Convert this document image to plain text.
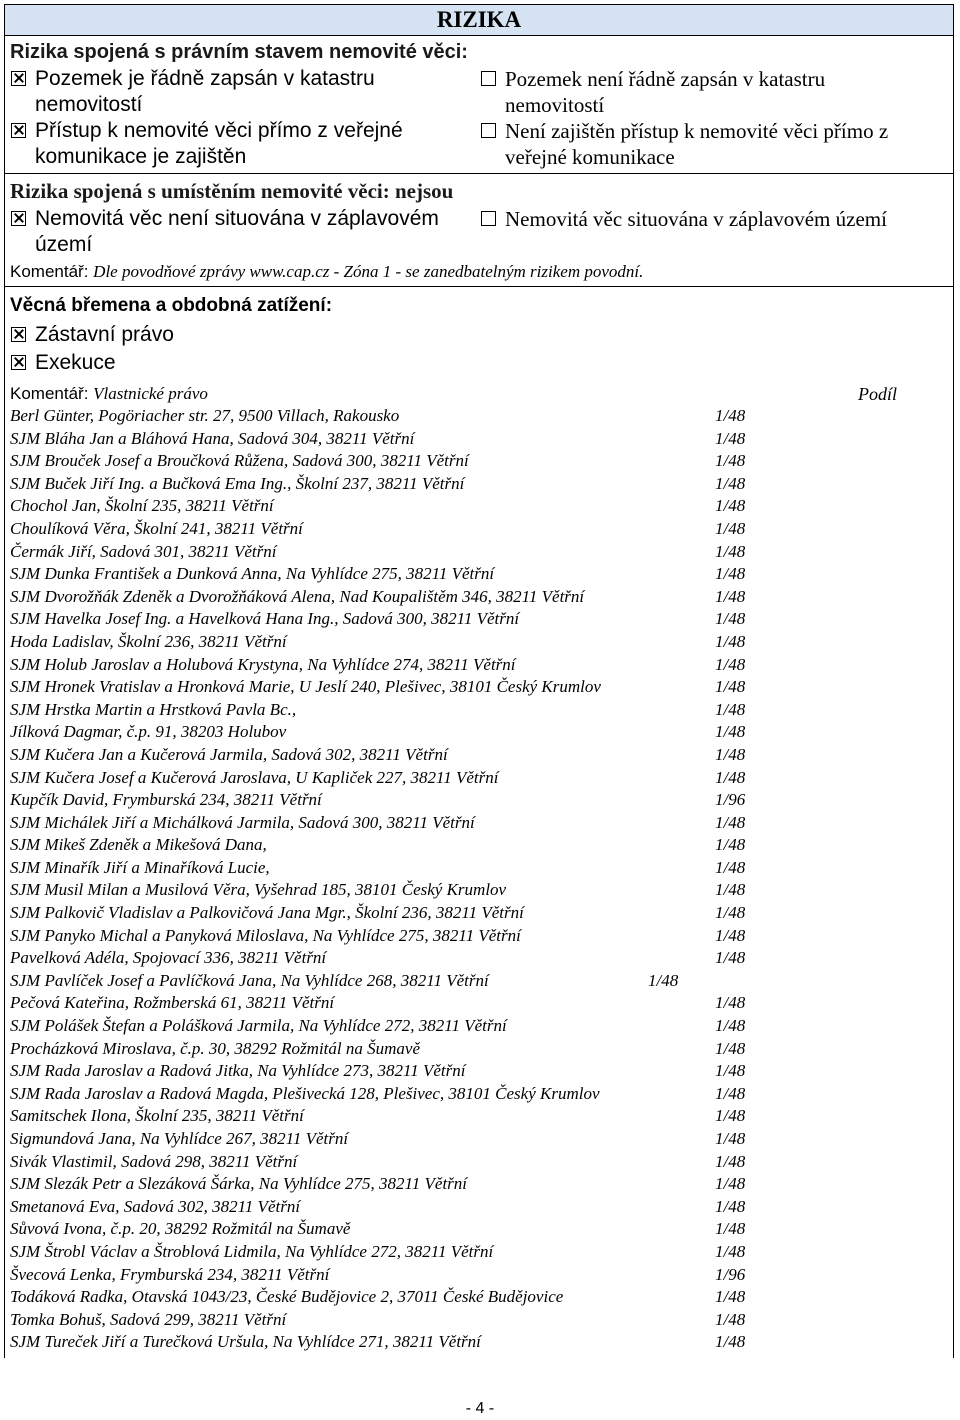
RIZIKA
Rizika spojená s právním stavem nemovité věci:
Pozemek je řádně zapsán v katastru
nemovitostí
Pozemek není řádně zapsán v katastru
nemovitostí
Přístup k nemovité věci přímo z veřejné
komunikace je zajištěn
Není zajištěn přístup k nemovité věci přímo z
veřejné komunikace
Rizika spojená s umístěním nemovité věci: nejsou
Nemovitá věc není situována v záplavovém
území
Nemovitá věc situována v záplavovém území
Komentář: Dle povodňové zprávy www.cap.cz - Zóna 1 - se zanedbatelným rizikem povodní.
Věcná břemena a obdobná zatížení:
Zástavní právo
Exekuce
Komentář: Vlastnické právo	Podíl
Berl Günter, Pogöriacher str. 27, 9500 Villach, Rakousko	1/48
SJM Bláha Jan a Bláhová Hana, Sadová 304, 38211 Větřní	1/48
SJM Brouček Josef a Broučková Růžena, Sadová 300, 38211 Větřní	1/48
SJM Buček Jiří Ing. a Bučková Ema Ing., Školní 237, 38211 Větřní	1/48
Chochol Jan, Školní 235, 38211 Větřní	1/48
Choulíková Věra, Školní 241, 38211 Větřní	1/48
Čermák Jiří, Sadová 301, 38211 Větřní	1/48
SJM Dunka František a Dunková Anna, Na Vyhlídce 275, 38211 Větřní	1/48
SJM Dvorožňák Zdeněk a Dvorožňáková Alena, Nad Koupalištěm 346, 38211 Větřní	1/48
SJM Havelka Josef Ing. a Havelková Hana Ing., Sadová 300, 38211 Větřní	1/48
Hoda Ladislav, Školní 236, 38211 Větřní	1/48
SJM Holub Jaroslav a Holubová Krystyna, Na Vyhlídce 274, 38211 Větřní	1/48
SJM Hronek Vratislav a Hronková Marie, U Jeslí 240, Plešivec, 38101 Český Krumlov	1/48
SJM Hrstka Martin a Hrstková Pavla Bc.,	1/48
Jílková Dagmar, č.p. 91, 38203 Holubov	1/48
SJM Kučera Jan a Kučerová Jarmila, Sadová 302, 38211 Větřní	1/48
SJM Kučera Josef a Kučerová Jaroslava, U Kapliček 227, 38211 Větřní	1/48
Kupčík David, Frymburská 234, 38211 Větřní	1/96
SJM Michálek Jiří a Michálková Jarmila, Sadová 300, 38211 Větřní	1/48
SJM Mikeš Zdeněk a Mikešová Dana,	1/48
SJM Minařík Jiří a Minaříková Lucie,	1/48
SJM Musil Milan a Musilová Věra, Vyšehrad 185, 38101 Český Krumlov	1/48
SJM Palkovič Vladislav a Palkovičová Jana Mgr., Školní 236, 38211 Větřní	1/48
SJM Panyko Michal a Panyková Miloslava, Na Vyhlídce 275, 38211 Větřní	1/48
Pavelková Adéla, Spojovací 336, 38211 Větřní	1/48
SJM Pavlíček Josef a Pavlíčková Jana, Na Vyhlídce 268, 38211 Větřní	1/48
Pečová Kateřina, Rožmberská 61, 38211 Větřní	1/48
SJM Polášek Štefan a Polášková Jarmila, Na Vyhlídce 272, 38211 Větřní	1/48
Procházková Miroslava, č.p. 30, 38292 Rožmitál na Šumavě	1/48
SJM Rada Jaroslav a Radová Jitka, Na Vyhlídce 273, 38211 Větřní	1/48
SJM Rada Jaroslav a Radová Magda, Plešivecká 128, Plešivec, 38101 Český Krumlov	1/48
Samitschek Ilona, Školní 235, 38211 Větřní	1/48
Sigmundová Jana, Na Vyhlídce 267, 38211 Větřní	1/48
Sivák Vlastimil, Sadová 298, 38211 Větřní	1/48
SJM Slezák Petr a Slezáková Šárka, Na Vyhlídce 275, 38211 Větřní	1/48
Smetanová Eva, Sadová 302, 38211 Větřní	1/48
Sůvová Ivona, č.p. 20, 38292 Rožmitál na Šumavě	1/48
SJM Štrobl Václav a Štroblová Lidmila, Na Vyhlídce 272, 38211 Větřní	1/48
Švecová Lenka, Frymburská 234, 38211 Větřní	1/96
Todáková Radka, Otavská 1043/23, České Budějovice 2, 37011 České Budějovice	1/48
Tomka Bohuš, Sadová 299, 38211 Větřní	1/48
SJM Tureček Jiří a Turečková Uršula, Na Vyhlídce 271, 38211 Větřní	1/48
- 4 -
